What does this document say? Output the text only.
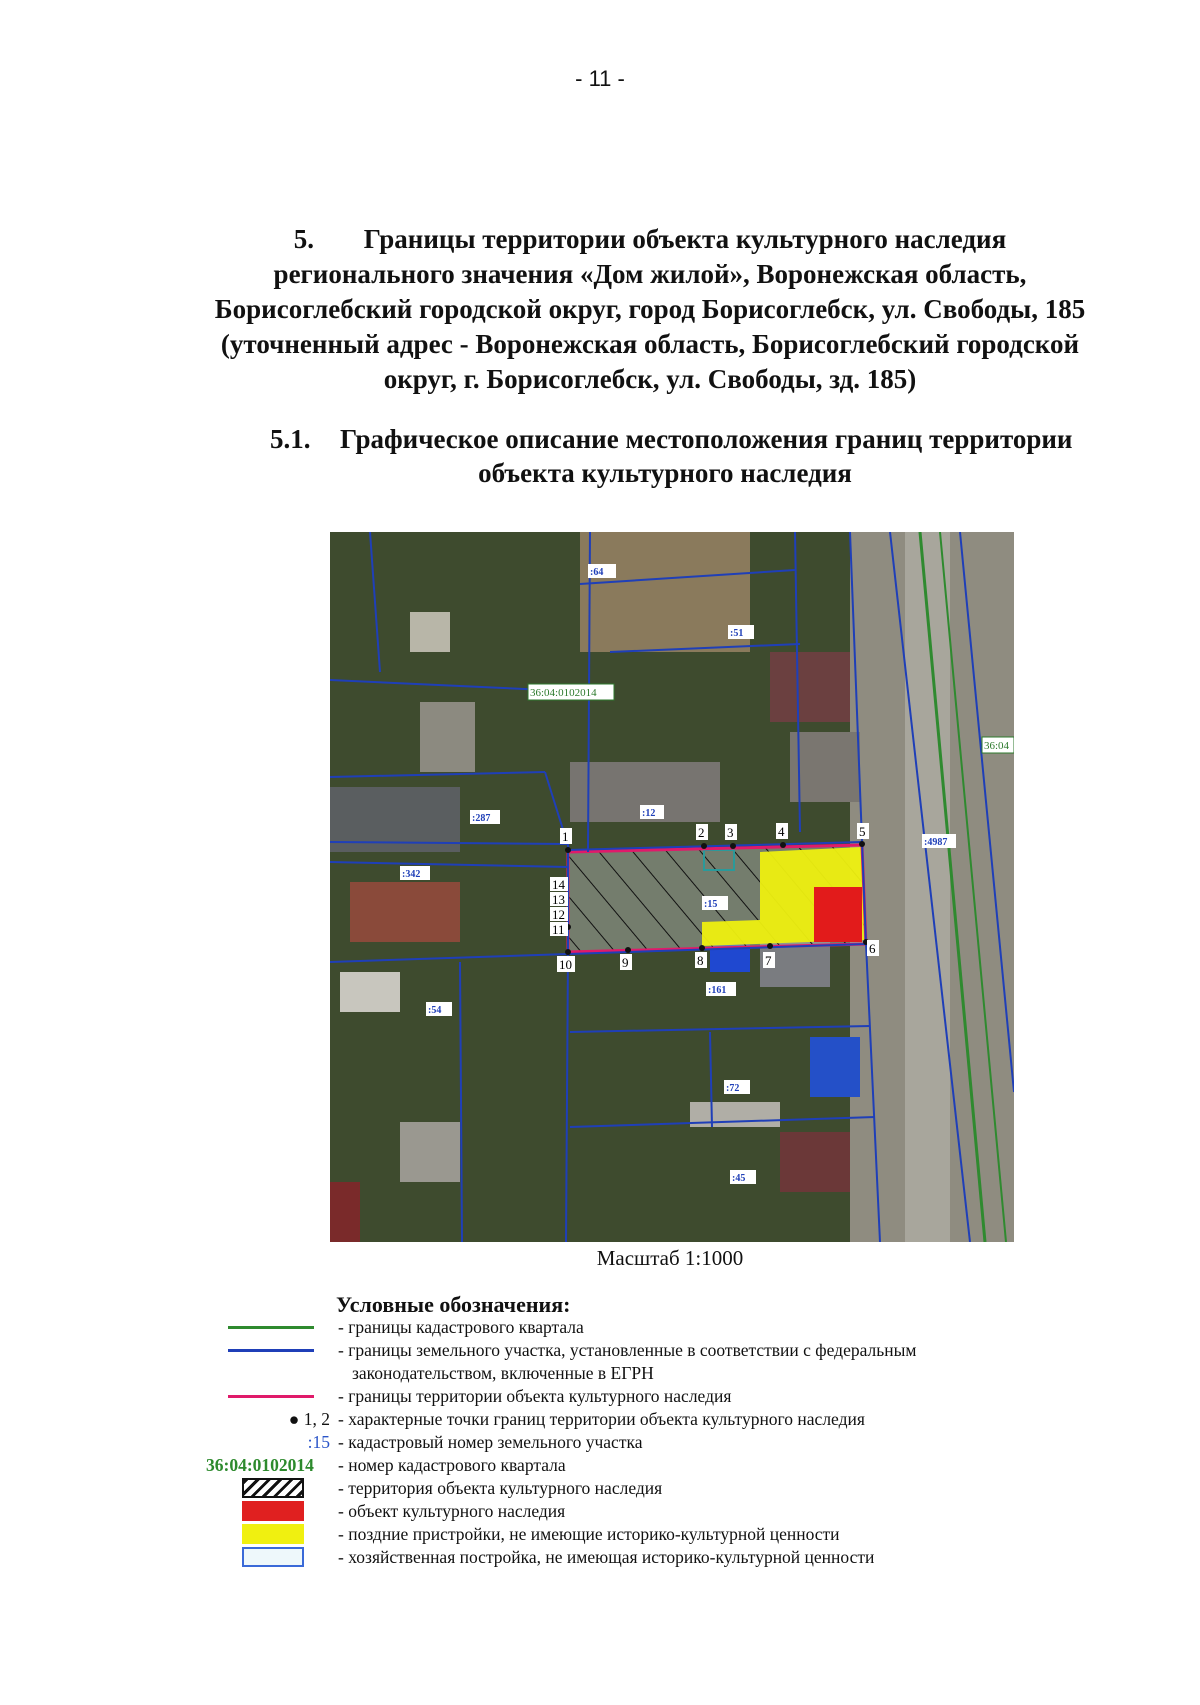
- 11 -
5. Границы территории объекта культурного наследия
регионального значения «Дом жилой», Воронежская область,
Борисоглебский городской округ, город Борисоглебск, ул. Свободы, 185
(уточненный адрес - Воронежская область, Борисоглебский городской
округ, г. Борисоглебск, ул. Свободы, зд. 185)
5.1. Графическое описание местоположения границ территории
объекта культурного наследия
:64
:51
:287	:12
:342
:15
:161
:54
:72
:45
:4987
36:04:0102014
36:04
1	2 3	4	5
6
7
8
9
10
11
12
13
14
Масштаб 1:1000
Условные обозначения:
- границы кадастрового квартала
- границы земельного участка, установленные в соответствии с федеральным
законодательством, включенные в ЕГРН
- границы территории объекта культурного наследия
● 1, 2 - характерные точки границ территории объекта культурного наследия
:15 - кадастровый номер земельного участка
36:04:0102014 - номер кадастрового квартала
- территория объекта культурного наследия
- объект культурного наследия
- поздние пристройки, не имеющие историко-культурной ценности
- хозяйственная постройка, не имеющая историко-культурной ценности
